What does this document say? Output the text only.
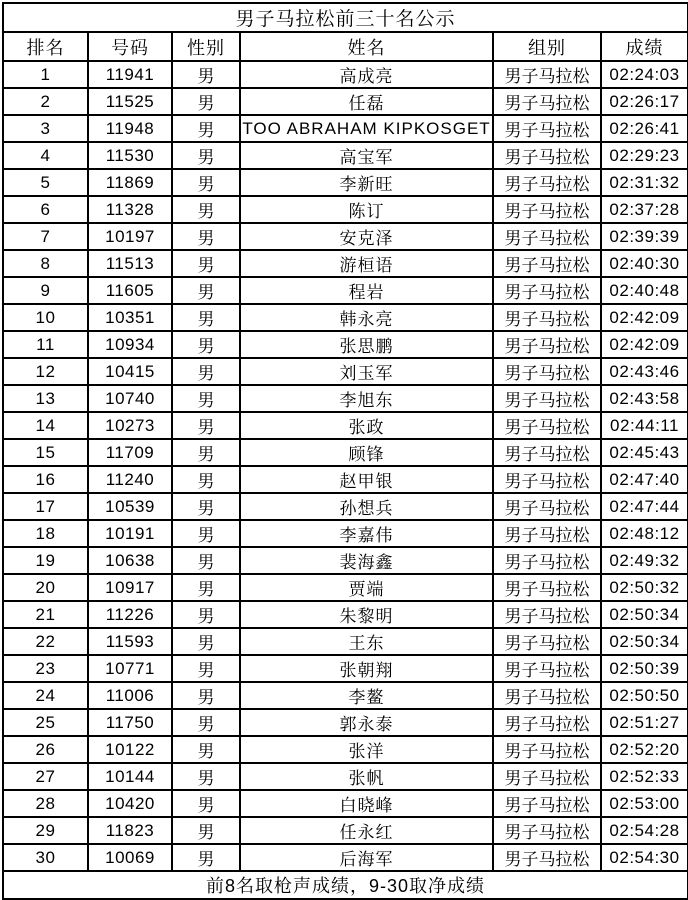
男子马拉松前三十名公示					
排名	号码	性别	姓名	组别	成绩
1	11941	男	高成亮	男子马拉松	02:24:03
2	11525	男	任磊	男子马拉松	02:26:17
3	11948	男	TOO ABRAHAM KIPKOSGET	男子马拉松	02:26:41
4	11530	男	高宝军	男子马拉松	02:29:23
5	11869	男	李新旺	男子马拉松	02:31:32
6	11328	男	陈订	男子马拉松	02:37:28
7	10197	男	安克泽	男子马拉松	02:39:39
8	11513	男	游桓语	男子马拉松	02:40:30
9	11605	男	程岩	男子马拉松	02:40:48
10	10351	男	韩永亮	男子马拉松	02:42:09
11	10934	男	张思鹏	男子马拉松	02:42:09
12	10415	男	刘玉军	男子马拉松	02:43:46
13	10740	男	李旭东	男子马拉松	02:43:58
14	10273	男	张政	男子马拉松	02:44:11
15	11709	男	顾锋	男子马拉松	02:45:43
16	11240	男	赵甲银	男子马拉松	02:47:40
17	10539	男	孙想兵	男子马拉松	02:47:44
18	10191	男	李嘉伟	男子马拉松	02:48:12
19	10638	男	裴海鑫	男子马拉松	02:49:32
20	10917	男	贾端	男子马拉松	02:50:32
21	11226	男	朱黎明	男子马拉松	02:50:34
22	11593	男	王东	男子马拉松	02:50:34
23	10771	男	张朝翔	男子马拉松	02:50:39
24	11006	男	李鳌	男子马拉松	02:50:50
25	11750	男	郭永泰	男子马拉松	02:51:27
26	10122	男	张洋	男子马拉松	02:52:20
27	10144	男	张帆	男子马拉松	02:52:33
28	10420	男	白晓峰	男子马拉松	02:53:00
29	11823	男	任永红	男子马拉松	02:54:28
30	10069	男	后海军	男子马拉松	02:54:30
前8名取枪声成绩，9-30取净成绩					
